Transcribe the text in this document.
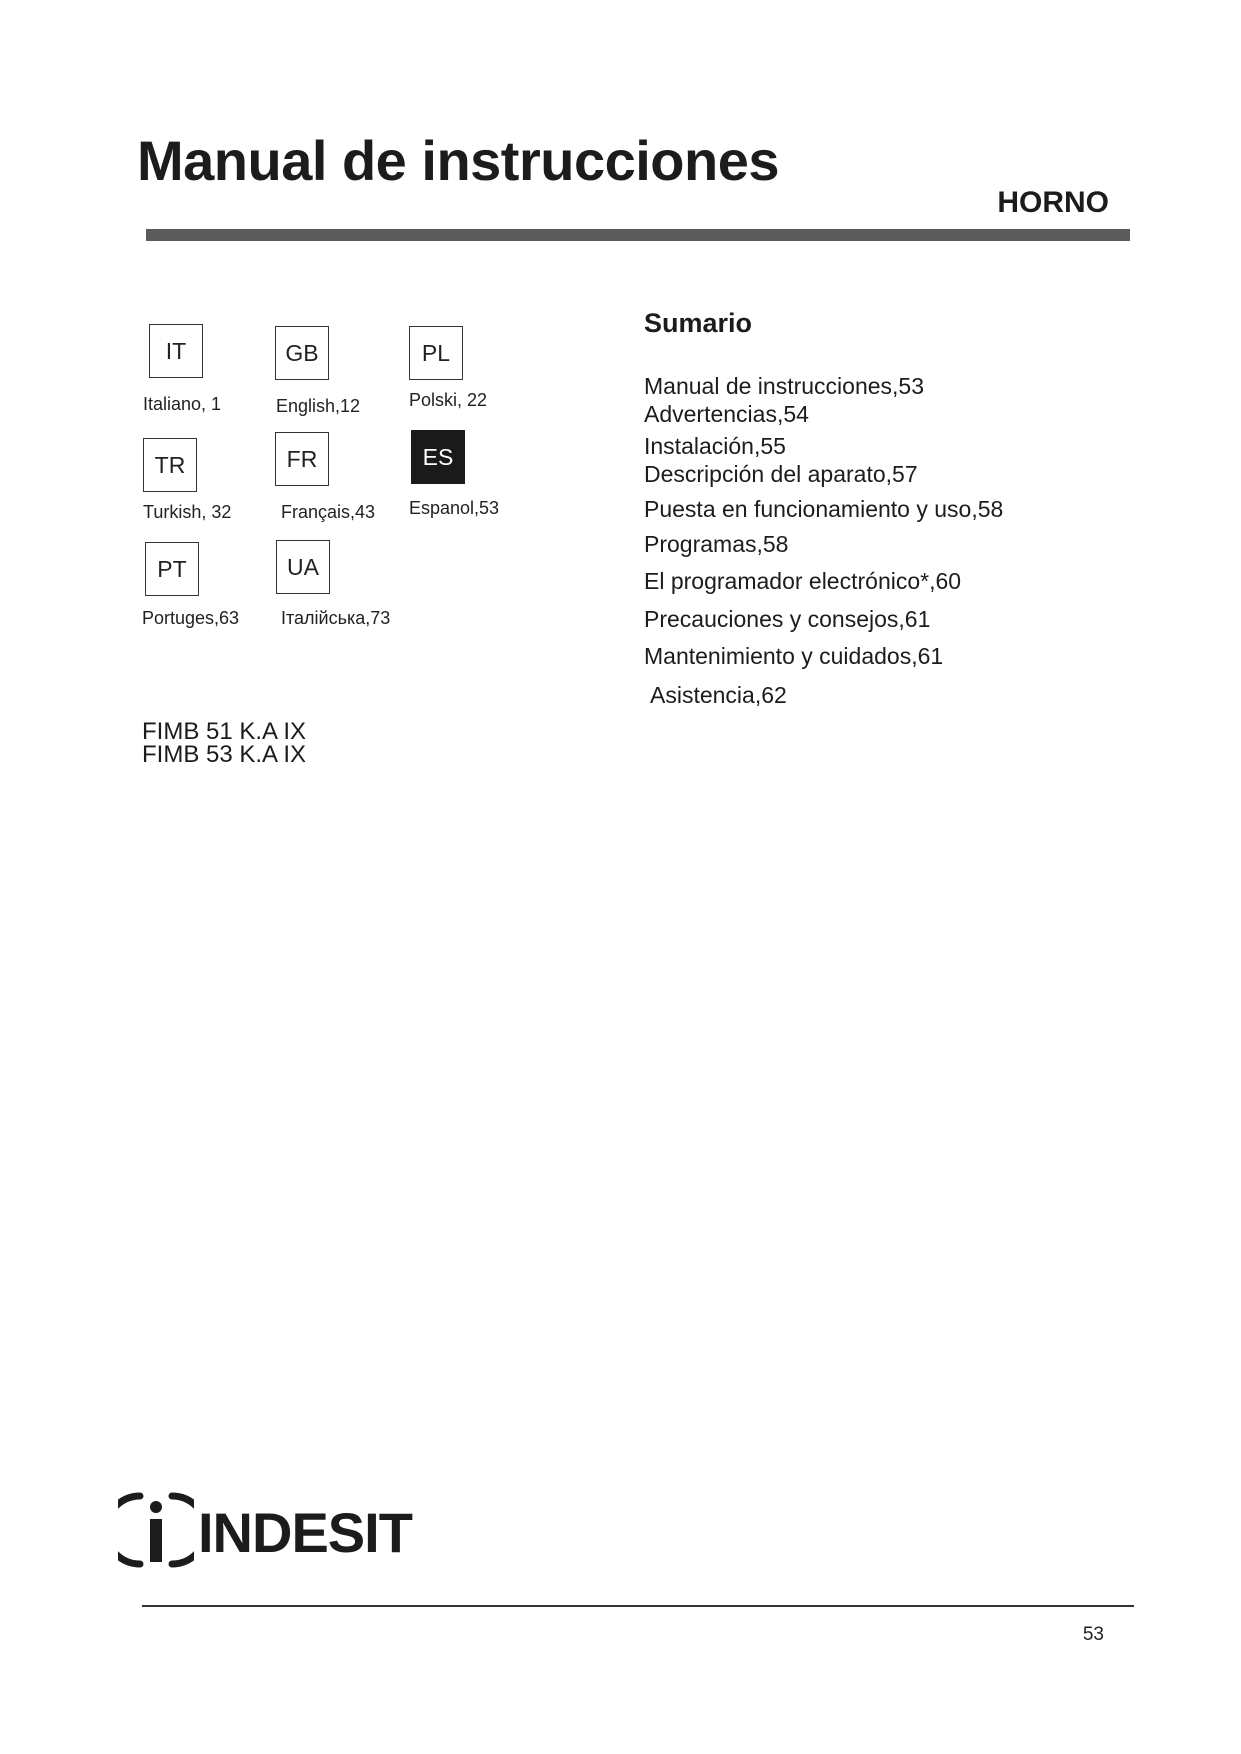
Manual de instrucciones
HORNO
IT
Italiano, 1
GB
English,12
PL
Polski, 22
TR
Turkish, 32
FR
Français,43
ES
Espanol,53
PT
Portuges,63
UA
Італійська,73
FIMB 51 K.A IX
FIMB 53 K.A IX
Sumario
Manual de instrucciones,53
Advertencias,54
Instalación,55
Descripción del aparato,57
Puesta en funcionamiento y uso,58
Programas,58
El programador electrónico*,60
Precauciones y consejos,61
Mantenimiento y cuidados,61
Asistencia,62
INDESIT
53
